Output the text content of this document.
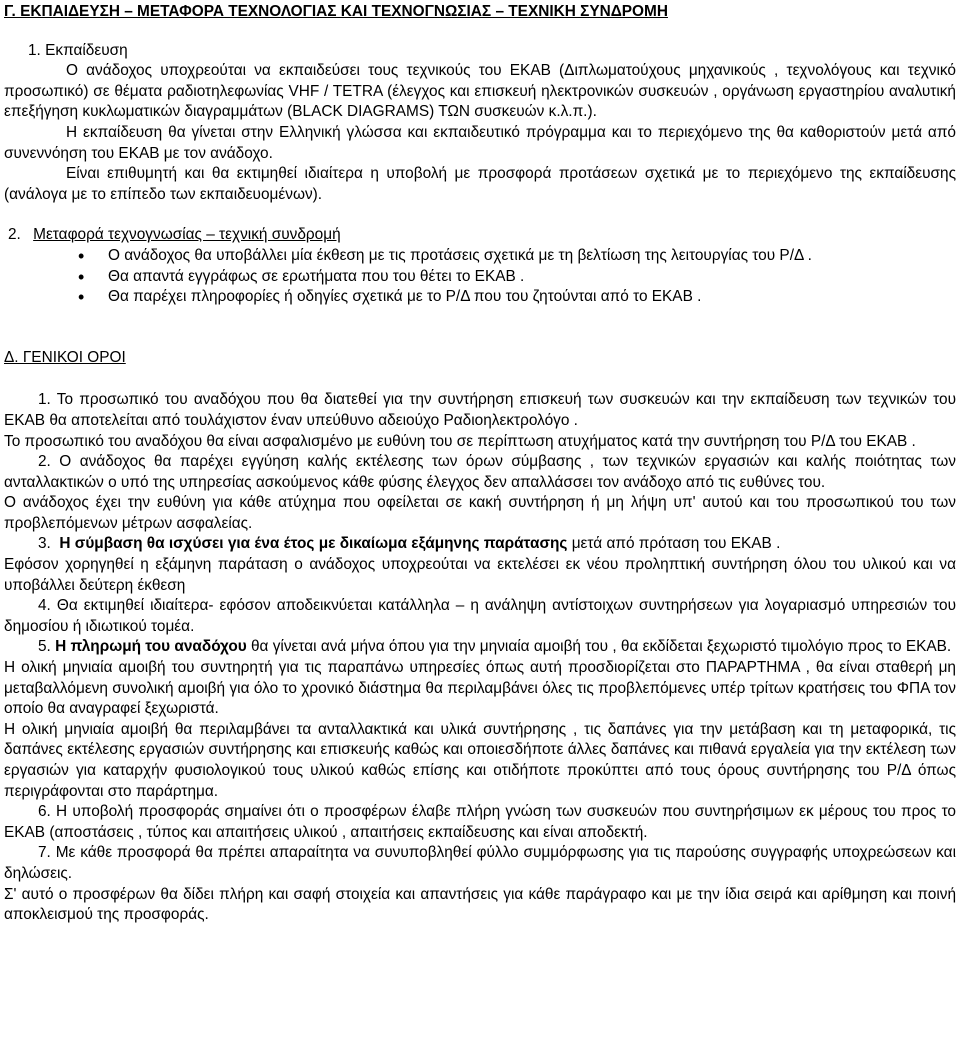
Γ. ΕΚΠΑΙΔΕΥΣΗ – ΜΕΤΑΦΟΡΑ ΤΕΧΝΟΛΟΓΙΑΣ ΚΑΙ ΤΕΧΝΟΓΝΩΣΙΑΣ – ΤΕΧΝΙΚΗ ΣΥΝΔΡΟΜΗ
1. Εκπαίδευση

Ο ανάδοχος υποχρεούται να εκπαιδεύσει τους τεχνικούς του ΕΚΑΒ (Διπλωματούχους μηχανικούς , τεχνολόγους και τεχνικό προσωπικό) σε θέματα ραδιοτηλεφωνίας VHF / TETRA (έλεγχος και επισκευή ηλεκτρονικών συσκευών , οργάνωση εργαστηρίου αναλυτική επεξήγηση κυκλωματικών διαγραμμάτων (BLACK DIAGRAMS) ΤΩΝ συσκευών κ.λ.π.).

Η εκπαίδευση θα γίνεται στην Ελληνική γλώσσα και εκπαιδευτικό πρόγραμμα και το περιεχόμενο της θα καθοριστούν μετά από συνεννόηση του ΕΚΑΒ με τον ανάδοχο.

Είναι επιθυμητή και θα εκτιμηθεί ιδιαίτερα η υποβολή με προσφορά προτάσεων σχετικά με το περιεχόμενο της εκπαίδευσης (ανάλογα με το επίπεδο των εκπαιδευομένων).

2. Μεταφορά τεχνογνωσίας – τεχνική συνδρομή
• Ο ανάδοχος θα υποβάλλει μία έκθεση με τις προτάσεις σχετικά με τη βελτίωση της λειτουργίας του Ρ/Δ .
• Θα απαντά εγγράφως σε ερωτήματα που του θέτει το ΕΚΑΒ .
• Θα παρέχει πληροφορίες ή οδηγίες σχετικά με το Ρ/Δ που του ζητούνται από το ΕΚΑΒ .
Δ. ΓΕΝΙΚΟΙ ΟΡΟΙ

1. Το προσωπικό του αναδόχου που θα διατεθεί για την συντήρηση επισκευή των συσκευών και την εκπαίδευση των τεχνικών του ΕΚΑΒ θα αποτελείται από τουλάχιστον έναν υπεύθυνο αδειούχο Ραδιοηλεκτρολόγο .

Το προσωπικό του αναδόχου θα είναι ασφαλισμένο με ευθύνη του σε περίπτωση ατυχήματος κατά την συντήρηση του Ρ/Δ του ΕΚΑΒ .

2. Ο ανάδοχος θα παρέχει εγγύηση καλής εκτέλεσης των όρων σύμβασης , των τεχνικών εργασιών και καλής ποιότητας των ανταλλακτικών ο υπό της υπηρεσίας ασκούμενος κάθε φύσης έλεγχος δεν απαλλάσσει τον ανάδοχο από τις ευθύνες του.

Ο ανάδοχος έχει την ευθύνη για κάθε ατύχημα που οφείλεται σε κακή συντήρηση ή μη λήψη υπ' αυτού και του προσωπικού του των προβλεπόμενων μέτρων ασφαλείας.

3. Η σύμβαση θα ισχύσει για ένα έτος με δικαίωμα εξάμηνης παράτασης μετά από πρόταση του ΕΚΑΒ .

Εφόσον χορηγηθεί η εξάμηνη παράταση ο ανάδοχος υποχρεούται να εκτελέσει εκ νέου προληπτική συντήρηση όλου του υλικού και να υποβάλλει δεύτερη έκθεση

4. Θα εκτιμηθεί ιδιαίτερα- εφόσον αποδεικνύεται κατάλληλα – η ανάληψη αντίστοιχων συντηρήσεων για λογαριασμό υπηρεσιών του δημοσίου ή ιδιωτικού τομέα.

5. Η πληρωμή του αναδόχου θα γίνεται ανά μήνα όπου για την μηνιαία αμοιβή του , θα εκδίδεται ξεχωριστό τιμολόγιο προς το ΕΚΑΒ.

Η ολική μηνιαία αμοιβή του συντηρητή για τις παραπάνω υπηρεσίες όπως αυτή προσδιορίζεται στο ΠΑΡΑΡΤΗΜΑ , θα είναι σταθερή μη μεταβαλλόμενη συνολική αμοιβή για όλο το χρονικό διάστημα θα περιλαμβάνει όλες τις προβλεπόμενες υπέρ τρίτων κρατήσεις του ΦΠΑ τον οποίο θα αναγραφεί ξεχωριστά.

Η ολική μηνιαία αμοιβή θα περιλαμβάνει τα ανταλλακτικά και υλικά συντήρησης , τις δαπάνες για την μετάβαση και τη μεταφορικά, τις δαπάνες εκτέλεσης εργασιών συντήρησης και επισκευής καθώς και οποιεσδήποτε άλλες δαπάνες και πιθανά εργαλεία για την εκτέλεση των εργασιών για καταρχήν φυσιολογικού τους υλικού καθώς επίσης και οτιδήποτε προκύπτει από τους όρους συντήρησης του Ρ/Δ όπως περιγράφονται στο παράρτημα.

6. Η υποβολή προσφοράς σημαίνει ότι ο προσφέρων έλαβε πλήρη γνώση των συσκευών που συντηρήσιμων εκ μέρους του προς το ΕΚΑΒ (αποστάσεις , τύπος και απαιτήσεις υλικού , απαιτήσεις εκπαίδευσης και είναι αποδεκτή.

7. Με κάθε προσφορά θα πρέπει απαραίτητα να συνυποβληθεί φύλλο συμμόρφωσης για τις παρούσης συγγραφής υποχρεώσεων και δηλώσεις.

Σ' αυτό ο προσφέρων θα δίδει πλήρη και σαφή στοιχεία και απαντήσεις για κάθε παράγραφο και με την ίδια σειρά και αρίθμηση και ποινή αποκλεισμού της προσφοράς.
